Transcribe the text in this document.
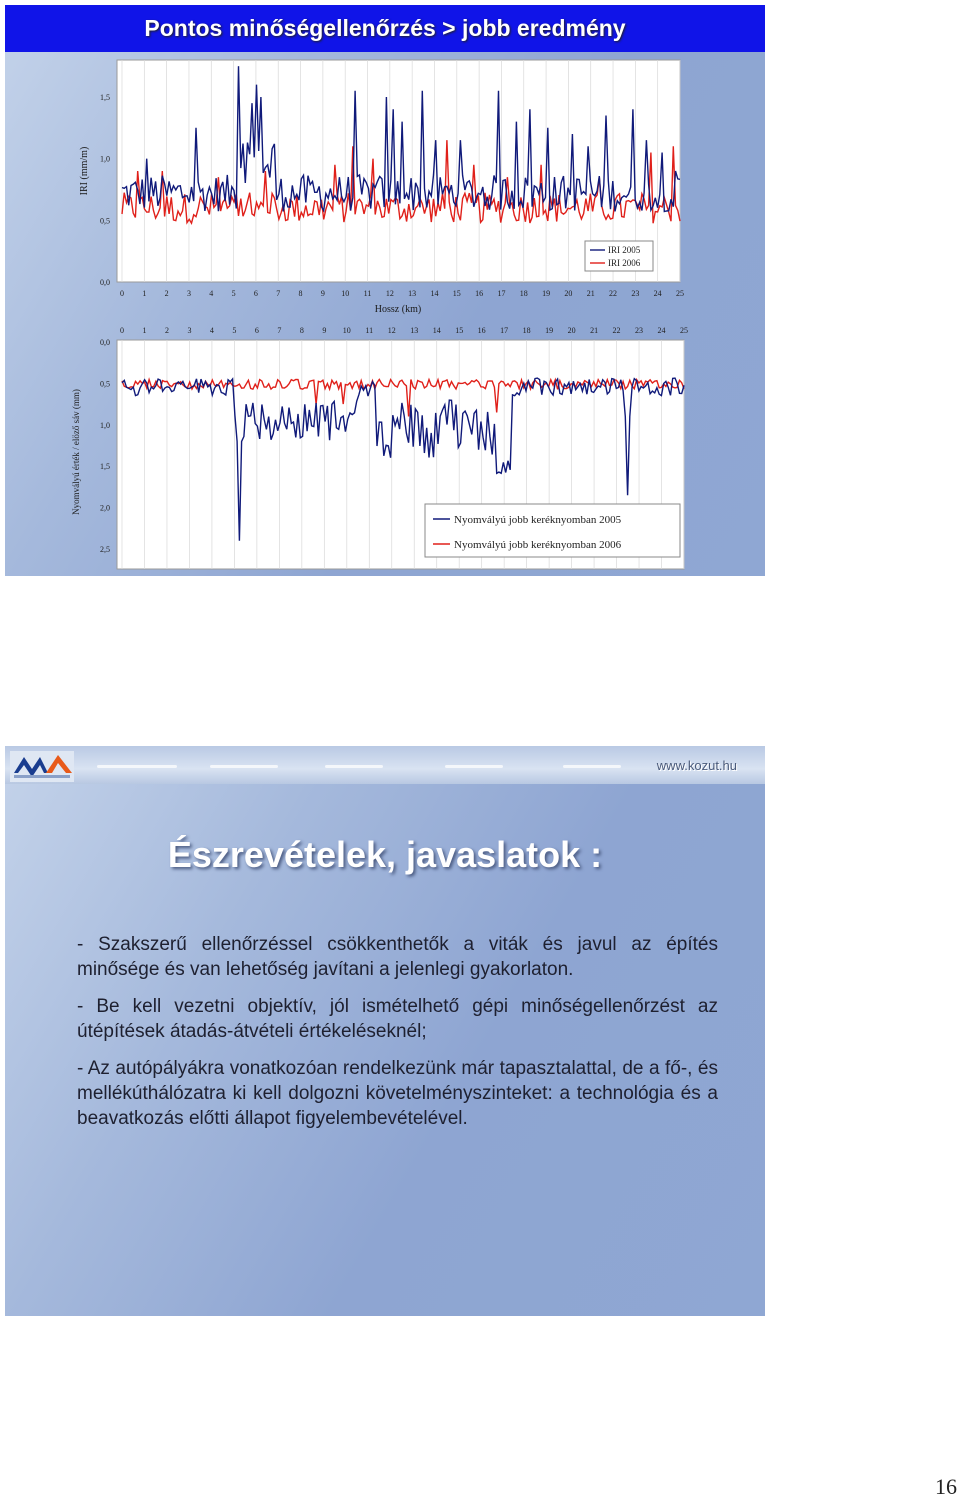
Pontos minőségellenőrzés > jobb eredmény
0,0
0,5
1,0
1,5
0 1 2 3 4 5 6 7 8 9 10 11 12 13 14 15 16 17 18 19 20 21 22 23 24 25
IRI (mm/m)
Hossz (km)
IRI 2005
IRI 2006
0,0
0,5
1,0
1,5
2,0
2,5
0 1 2 3 4 5 6 7 8 9 10 11 12 13 14 15 16 17 18 19 20 21 22 23 24 25
Nyomvályú érték / elöző sáv (mm)
Nyomvályú jobb keréknyomban 2005
Nyomvályú jobb keréknyomban 2006
www.kozut.hu
Észrevételek, javaslatok :

- Szakszerű ellenőrzéssel csökkenthetők a viták és javul az építés minősége és van lehetőség javítani a jelenlegi gyakorlaton.

- Be kell vezetni objektív, jól ismételhető gépi minőségellenőrzést az útépítések átadás-átvételi értékeléseknél;

- Az autópályákra vonatkozóan rendelkezünk már tapasztalattal, de a fő-, és mellékúthálózatra ki kell dolgozni követelményszinteket: a technológia és a beavatkozás előtti állapot figyelembevételével.

16
